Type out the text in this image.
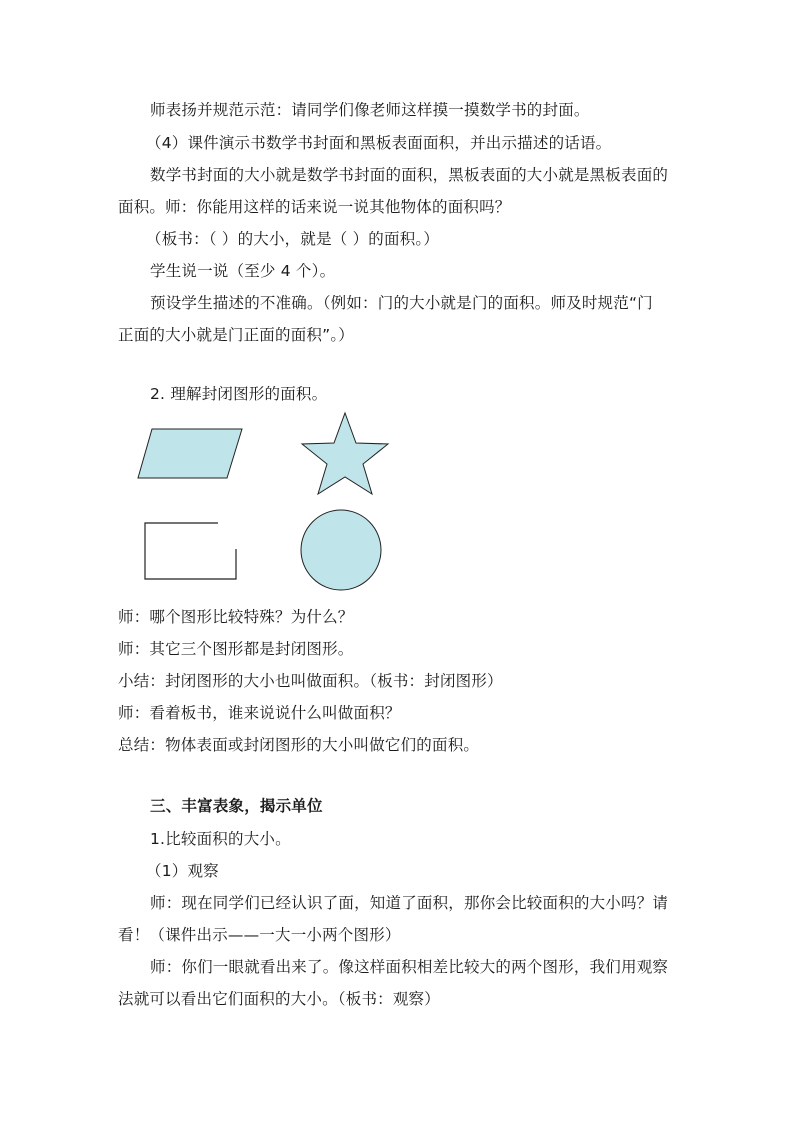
师表扬并规范示范：请同学们像老师这样摸一摸数学书的封面。
（4）课件演示书数学书封面和黑板表面面积，并出示描述的话语。
数学书封面的大小就是数学书封面的面积，黑板表面的大小就是黑板表面的
面积。师：你能用这样的话来说一说其他物体的面积吗？
（板书：（ ）的大小，就是（ ）的面积。）
学生说一说（至少 4 个）。
预设学生描述的不准确。（例如：门的大小就是门的面积。师及时规范“门
正面的大小就是门正面的面积”。）
2. 理解封闭图形的面积。
师：哪个图形比较特殊？为什么？
师：其它三个图形都是封闭图形。
小结：封闭图形的大小也叫做面积。（板书：封闭图形）
师：看着板书，谁来说说什么叫做面积？
总结：物体表面或封闭图形的大小叫做它们的面积。
三、丰富表象，揭示单位
1.比较面积的大小。
（1）观察
师：现在同学们已经认识了面，知道了面积，那你会比较面积的大小吗？请
看！（课件出示——一大一小两个图形）
师：你们一眼就看出来了。像这样面积相差比较大的两个图形，我们用观察
法就可以看出它们面积的大小。（板书：观察）
